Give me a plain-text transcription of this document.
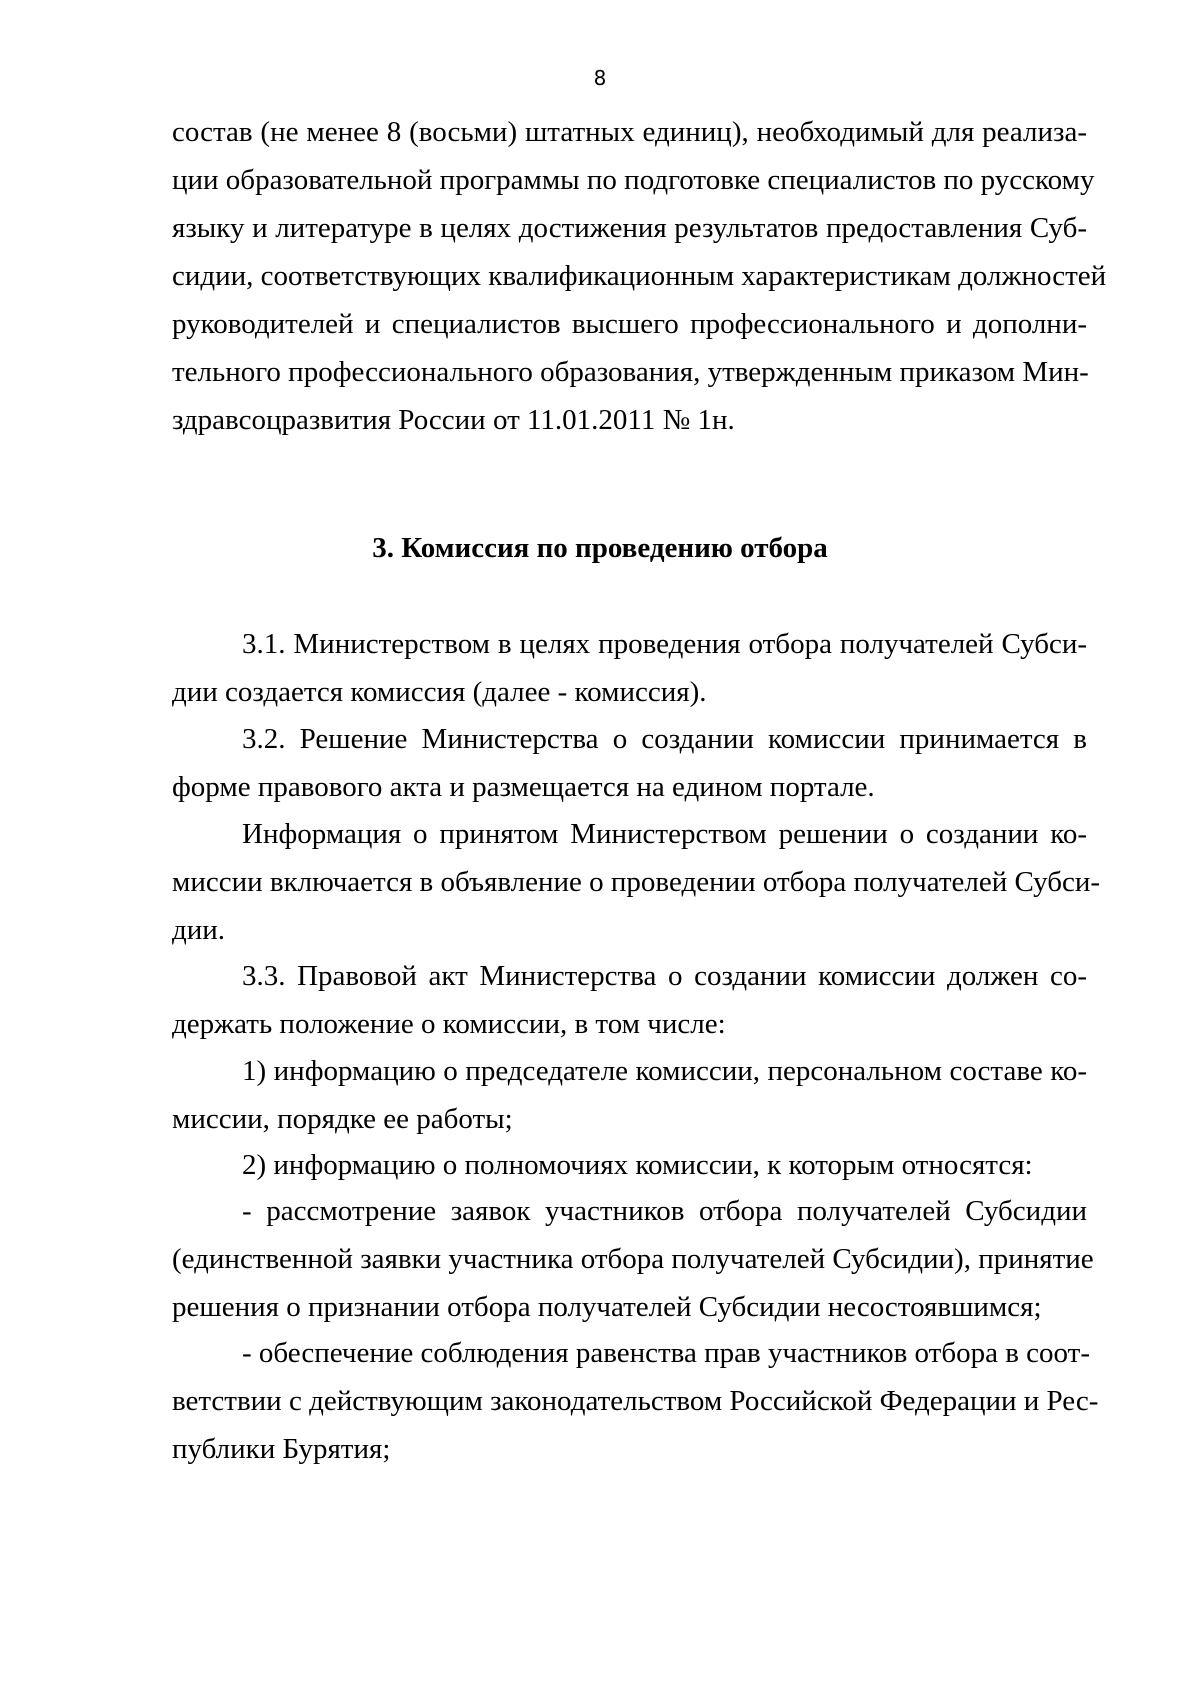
8
состав (не менее 8 (восьми) штатных единиц), необходимый для реализа-
ции образовательной программы по подготовке специалистов по русскому
языку и литературе в целях достижения результатов предоставления Суб-
сидии, соответствующих квалификационным характеристикам должностей
руководителей и специалистов высшего профессионального и дополни-
тельного профессионального образования, утвержденным приказом Мин-
здравсоцразвития России от 11.01.2011 № 1н.
3.1. Министерством в целях проведения отбора получателей Субси-
дии создается комиссия (далее - комиссия).
3.2. Решение Министерства о создании комиссии принимается в
форме правового акта и размещается на едином портале.
Информация о принятом Министерством решении о создании ко-
миссии включается в объявление о проведении отбора получателей Субси-
дии.
3.3. Правовой акт Министерства о создании комиссии должен со-
держать положение о комиссии, в том числе:
1) информацию о председателе комиссии, персональном составе ко-
миссии, порядке ее работы;
2) информацию о полномочиях комиссии, к которым относятся:
- рассмотрение заявок участников отбора получателей Субсидии
(единственной заявки участника отбора получателей Субсидии), принятие
решения о признании отбора получателей Субсидии несостоявшимся;
- обеспечение соблюдения равенства прав участников отбора в соот-
ветствии с действующим законодательством Российской Федерации и Рес-
публики Бурятия;
3. Комиссия по проведению отбора
